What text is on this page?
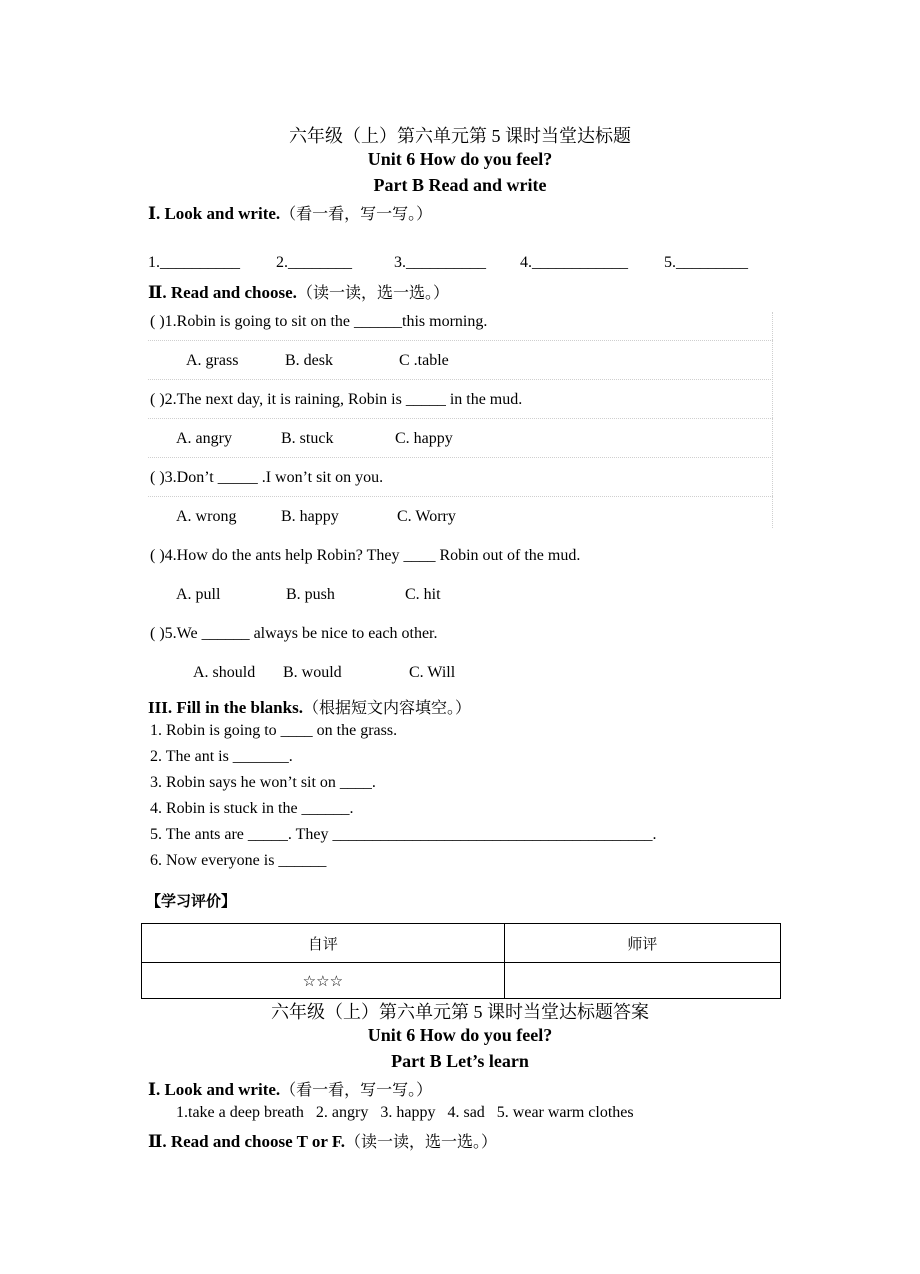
六年级（上）第六单元第 5 课时当堂达标题
Unit 6 How do you feel?
Part B Read and write
Ⅰ. Look and write.（看一看，写一写。）
1.__________ 2.________	3.__________ 4.____________ 5._________
Ⅱ. Read and choose.（读一读，选一选。）
( )1.Robin is going to sit on the ______this morning.
A. grass	B. desk	C .table
( )2.The next day, it is raining, Robin is _____ in the mud.
A. angry	B. stuck	C. happy
( )3.Don’t _____ .I won’t sit on you.
A. wrong	B. happy	C. Worry
( )4.How do the ants help Robin? They ____ Robin out of the mud.
A. pull	B. push	C. hit
( )5.We ______ always be nice to each other.
A. should B. would	C. Will
III. Fill in the blanks.（根据短文内容填空。）
1. Robin is going to ____ on the grass.
2. The ant is _______.
3. Robin says he won’t sit on ____.
4. Robin is stuck in the ______.
5. The ants are _____. They ________________________________________.
6. Now everyone is ______
【学习评价】
自评	师评
☆☆☆	
六年级（上）第六单元第 5 课时当堂达标题答案
Unit 6 How do you feel?
Part B Let’s learn
Ⅰ. Look and write.（看一看，写一写。）
1.take a deep breath   2. angry   3. happy   4. sad   5. wear warm clothes
Ⅱ. Read and choose T or F.（读一读，选一选。）
